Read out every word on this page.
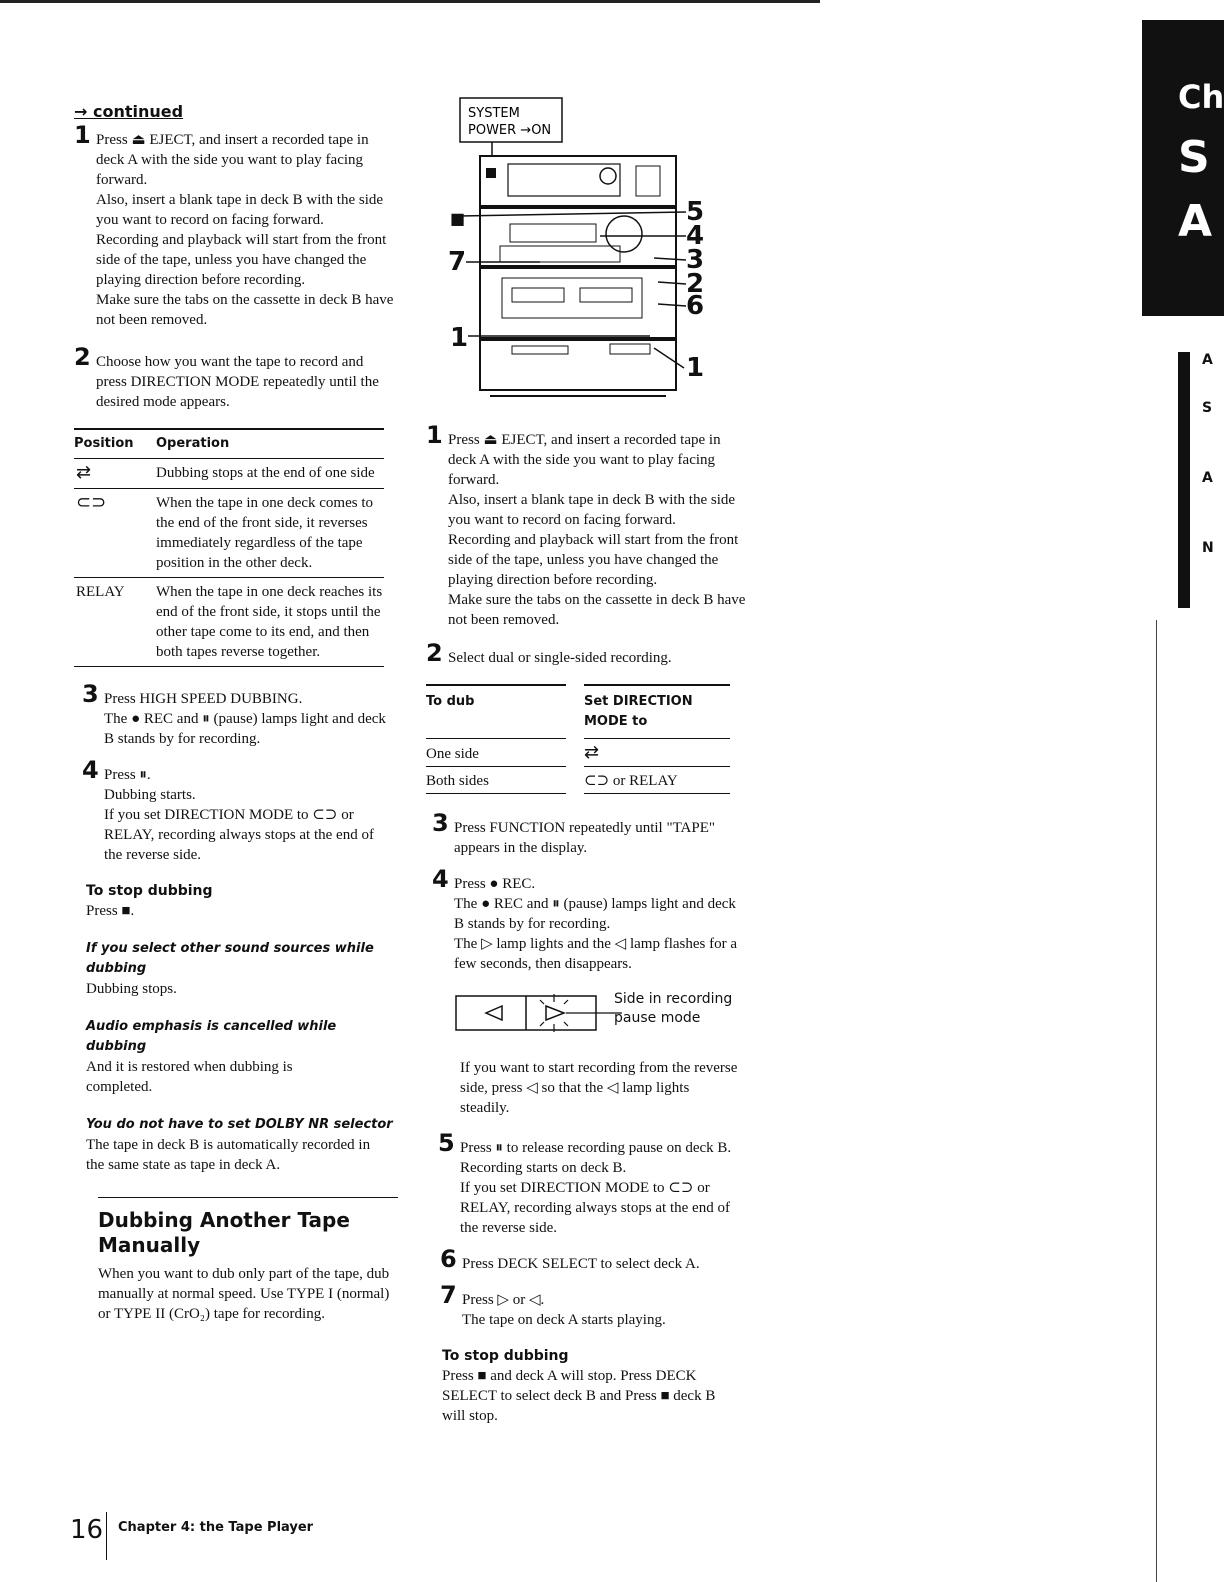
→ continued
1 Press ⏏ EJECT, and insert a recorded tape in deck A with the side you want to play facing forward.

Also, insert a blank tape in deck B with the side you want to record on facing forward.

Recording and playback will start from the front side of the tape, unless you have changed the playing direction before recording.

Make sure the tabs on the cassette in deck B have not been removed.

2 Choose how you want the tape to record and press DIRECTION MODE repeatedly until the desired mode appears.

Position	Operation
⇄	Dubbing stops at the end of one side
⊂⊃	When the tape in one deck comes to the end of the front side, it reverses immediately regardless of the tape position in the other deck.
RELAY	When the tape in one deck reaches its end of the front side, it stops until the other tape come to its end, and then both tapes reverse together.
3 Press HIGH SPEED DUBBING.

The ● REC and ⏸ (pause) lamps light and deck B stands by for recording.

4 Press ⏸.

Dubbing starts.

If you set DIRECTION MODE to ⊂⊃ or RELAY, recording always stops at the end of the reverse side.

To stop dubbing

Press ■.

If you select other sound sources while dubbing

Dubbing stops.

Audio emphasis is cancelled while dubbing

And it is restored when dubbing is completed.

You do not have to set DOLBY NR selector

The tape in deck B is automatically recorded in the same state as tape in deck A.

Dubbing Another Tape Manually

When you want to dub only part of the tape, dub manually at normal speed. Use TYPE I (normal) or TYPE II (CrO₂) tape for recording.

SYSTEM
POWER →ON
5
4
3
2
6
1
1
7
■
1 Press ⏏ EJECT, and insert a recorded tape in deck A with the side you want to play facing forward.

Also, insert a blank tape in deck B with the side you want to record on facing forward.

Recording and playback will start from the front side of the tape, unless you have changed the playing direction before recording.

Make sure the tabs on the cassette in deck B have not been removed.

2 Select dual or single-sided recording.

To dub	Set DIRECTION MODE to
One side	⇄
Both sides	⊂⊃ or RELAY
3 Press FUNCTION repeatedly until "TAPE" appears in the display.

4 Press ● REC.

The ● REC and ⏸ (pause) lamps light and deck B stands by for recording.

The ▷ lamp lights and the ◁ lamp flashes for a few seconds, then disappears.

Side in recording pause mode

If you want to start recording from the reverse side, press ◁ so that the ◁ lamp lights steadily.

5 Press ⏸ to release recording pause on deck B.

Recording starts on deck B.

If you set DIRECTION MODE to ⊂⊃ or RELAY, recording always stops at the end of the reverse side.

6 Press DECK SELECT to select deck A.

7 Press ▷ or ◁.

The tape on deck A starts playing.

To stop dubbing

Press ■ and deck A will stop. Press DECK SELECT to select deck B and Press ■ deck B will stop.

16 Chapter 4: the Tape Player
Ch
S
A
A
S
A
N
